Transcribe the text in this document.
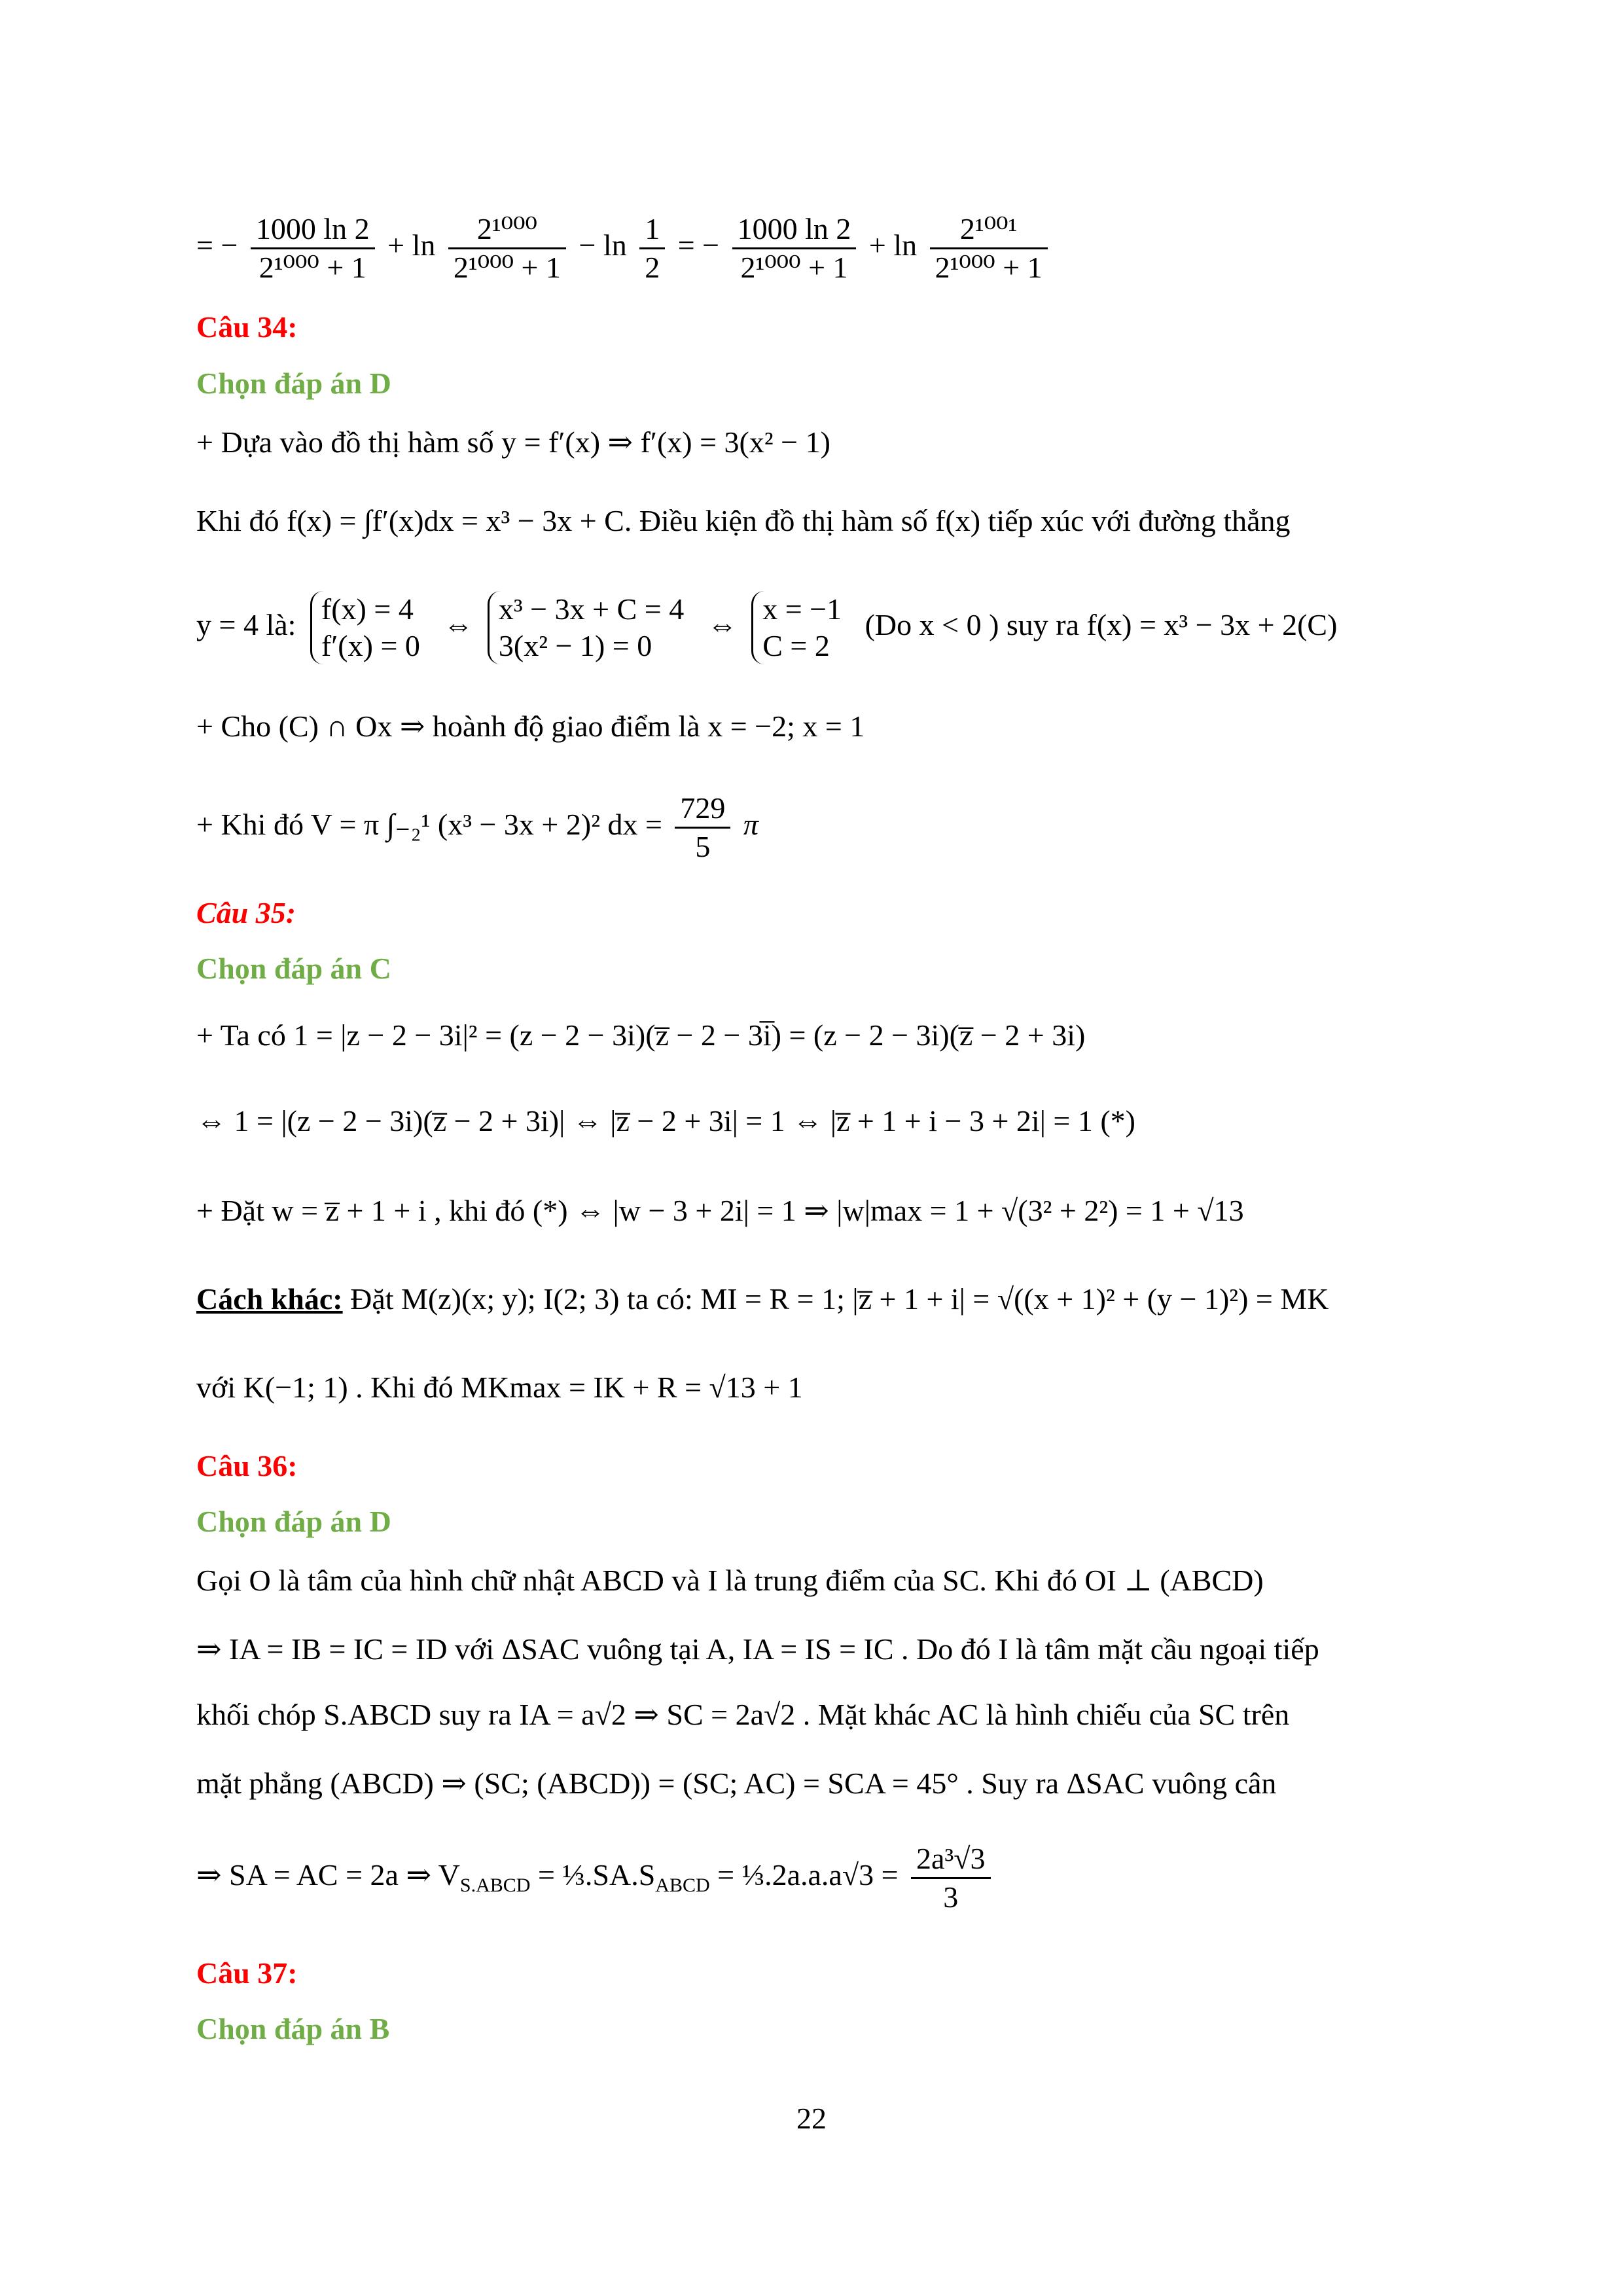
= − $\frac{1000 \ln 2}{\text{2¹⁰⁰⁰ + 1}} + \ln \frac{\text{2¹⁰⁰⁰}}{\text{2¹⁰⁰⁰ + 1}} - \ln \frac{1}{2}$ = − $\frac{1000 \ln 2}{\text{2¹⁰⁰⁰ + 1}} + \ln \frac{\text{2¹⁰⁰¹}}{\text{2¹⁰⁰⁰ + 1}}$
Câu 34:
Chọn đáp án D
+ Dựa vào đồ thị hàm số y = f′(x) ⇒ f′(x) = 3(x² − 1)
Khi đó f(x) = ∫f′(x)dx = x³ − 3x + C. Điều kiện đồ thị hàm số f(x) tiếp xúc với đường thẳng
y = 4 là: f(x) = 4
f′(x) = 0
⇔ x³ − 3x + C = 4
3(x² − 1) = 0
⇔ x = −1
C = 2
(Do x < 0 ) suy ra f(x) = x³ − 3x + 2(C)
+ Cho (C) ∩ Ox ⇒ hoành độ giao điểm là x = −2; x = 1
+ Khi đó V = π ∫₋₂¹ (x³ − 3x + 2)² dx = $\frac{729}{5}$ π
Câu 35:
Chọn đáp án C
+ Ta có 1 = |z − 2 − 3i|² = (z − 2 − 3i)(z̅ − 2 − 3i̅) = (z − 2 − 3i)(z̅ − 2 + 3i)
⇔ 1 = |(z − 2 − 3i)(z̅ − 2 + 3i)| ⇔ |z̅ − 2 + 3i| = 1 ⇔ |z̅ + 1 + i − 3 + 2i| = 1 (*)
+ Đặt w = z̅ + 1 + i , khi đó (*) ⇔ |w − 3 + 2i| = 1 ⇒ |w|max = 1 + √(3² + 2²) = 1 + √13
Cách khác: Đặt M(z)(x; y); I(2; 3) ta có: MI = R = 1; |z̅ + 1 + i| = √((x + 1)² + (y − 1)²) = MK
với K(−1; 1) . Khi đó MKmax = IK + R = √13 + 1
Câu 36:
Chọn đáp án D
Gọi O là tâm của hình chữ nhật ABCD và I là trung điểm của SC. Khi đó OI ⊥ (ABCD)
⇒ IA = IB = IC = ID với ΔSAC vuông tại A, IA = IS = IC . Do đó I là tâm mặt cầu ngoại tiếp
khối chóp S.ABCD suy ra IA = a√2 ⇒ SC = 2a√2 . Mặt khác AC là hình chiếu của SC trên
mặt phẳng (ABCD) ⇒ (SC; (ABCD)) = (SC; AC) = SCA = 45° . Suy ra ΔSAC vuông cân
⇒ SA = AC = 2a ⇒ $V_{S.ABCD}$ = $\frac{1}{3}.SA.S_{ABCD}$ = ⅓.2a.a.a√3 = $\frac{\text{2a³√3}}{3}$
Câu 37:
Chọn đáp án B
22
